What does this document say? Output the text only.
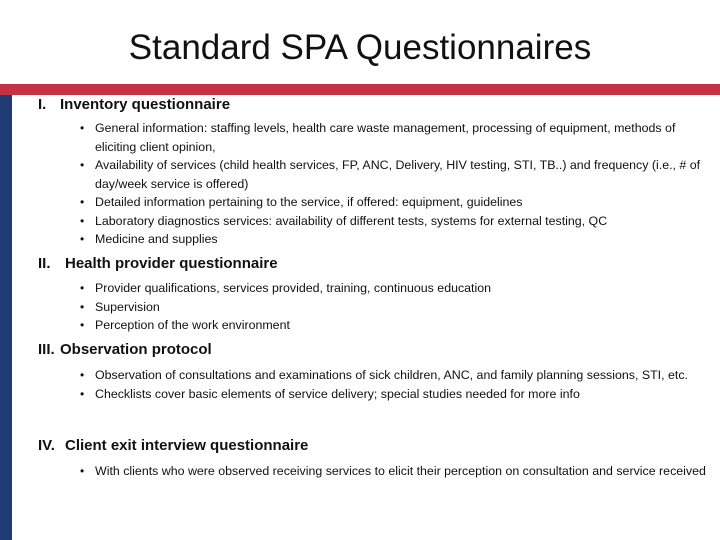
Standard SPA Questionnaires
I. Inventory questionnaire
• General information: staffing levels, health care waste management, processing of equipment, methods of eliciting client opinion,
• Availability of services (child health services, FP, ANC, Delivery, HIV testing, STI, TB..) and frequency (i.e., # of day/week service is offered)
• Detailed information pertaining to the service, if offered: equipment, guidelines
• Laboratory diagnostics services: availability of different tests, systems for external testing, QC
• Medicine and supplies
II. Health provider questionnaire
• Provider qualifications, services provided, training, continuous education
• Supervision
• Perception of the work environment
III. Observation protocol
• Observation of consultations and examinations of sick children, ANC, and family planning sessions, STI, etc.
• Checklists cover basic elements of service delivery; special studies needed for more info
IV. Client exit interview questionnaire
• With clients who were observed receiving services to elicit their perception on consultation and service received
